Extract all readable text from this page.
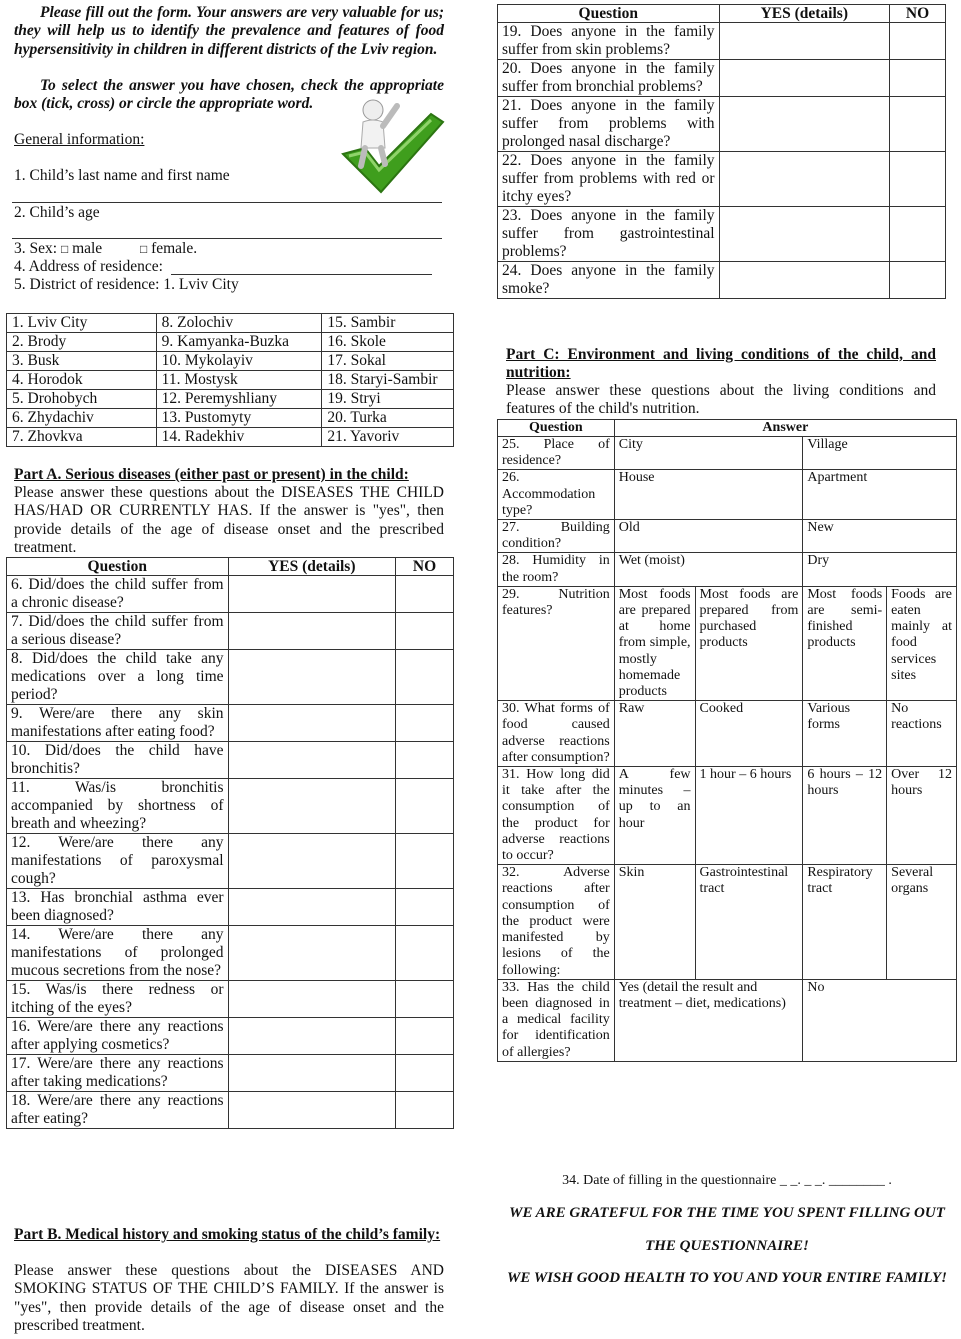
Please fill out the form. Your answers are very valuable for us; they will help us to identify the prevalence and features of food hypersensitivity in children in different districts of the Lviv region.
To select the answer you have chosen, check the appropriate box (tick, cross) or circle the appropriate word.
General information:
1. Child’s last name and first name
2. Child’s age
3. Sex: □ male	□ female.
4. Address of residence:
5. District of residence: 1. Lviv City
1. Lviv City	8. Zolochiv	15. Sambir
2. Brody	9. Kamyanka-Buzka	16. Skole
3. Busk	10. Mykolayiv	17. Sokal
4. Horodok	11. Mostysk	18. Staryi-Sambir
5. Drohobych	12. Peremyshliany	19. Stryi
6. Zhydachiv	13. Pustomyty	20. Turka
7. Zhovkva	14. Radekhiv	21. Yavoriv
Part A. Serious diseases (either past or present) in the child:
Please answer these questions about the DISEASES THE CHILD HAS/HAD OR CURRENTLY HAS. If the answer is "yes", then provide details of the age of disease onset and the prescribed treatment.
Question	YES (details)	NO
6. Did/does the child suffer from a chronic disease?		
7. Did/does the child suffer from a serious disease?		
8. Did/does the child take any medications over a long time period?		
9. Were/are there any skin manifestations after eating food?		
10. Did/does the child have bronchitis?		
11. Was/is bronchitis accompanied by shortness of breath and wheezing?		
12. Were/are there any manifestations of paroxysmal cough?		
13. Has bronchial asthma ever been diagnosed?		
14. Were/are there any manifestations of prolonged mucous secretions from the nose?		
15. Was/is there redness or itching of the eyes?		
16. Were/are there any reactions after applying cosmetics?		
17. Were/are there any reactions after taking medications?		
18. Were/are there any reactions after eating?		
Part B. Medical history and smoking status of the child’s family:
Please answer these questions about the DISEASES AND SMOKING STATUS OF THE CHILD’S FAMILY. If the answer is "yes", then provide details of the age of disease onset and the prescribed treatment.
Question	YES (details)	NO
19. Does anyone in the family suffer from skin problems?		
20. Does anyone in the family suffer from bronchial problems?		
21. Does anyone in the family suffer from problems with prolonged nasal discharge?		
22. Does anyone in the family suffer from problems with red or itchy eyes?		
23. Does anyone in the family suffer from gastrointestinal problems?		
24. Does anyone in the family smoke?		
Part C: Environment and living conditions of the child, and nutrition:
Please answer these questions about the living conditions and features of the child's nutrition.
Question	Answer			
25. Place of residence?	City		Village	
26. Accommodation type?	House		Apartment	
27. Building condition?	Old		New	
28. Humidity in the room?	Wet (moist)		Dry	
29. Nutrition features?	Most foods are prepared at home from simple, mostly homemade products	Most foods are prepared from purchased products	Most foods are semi-finished products	Foods are eaten mainly at food services sites
30. What forms of food caused adverse reactions after consumption?	Raw	Cooked	Various forms	No reactions
31. How long did it take after the consumption of the product for adverse reactions to occur?	A few minutes – up to an hour	1 hour – 6 hours	6 hours – 12 hours	Over 12 hours
32. Adverse reactions after consumption of the product were manifested by lesions of the following:	Skin	Gastrointestinal tract	Respiratory tract	Several organs
33. Has the child been diagnosed in a medical facility for identification of allergies?	Yes (detail the result and treatment – diet, medications)		No	
34. Date of filling in the questionnaire _ _. _ _. ________ .
WE ARE GRATEFUL FOR THE TIME YOU SPENT FILLING OUT
THE QUESTIONNAIRE!
WE WISH GOOD HEALTH TO YOU AND YOUR ENTIRE FAMILY!
